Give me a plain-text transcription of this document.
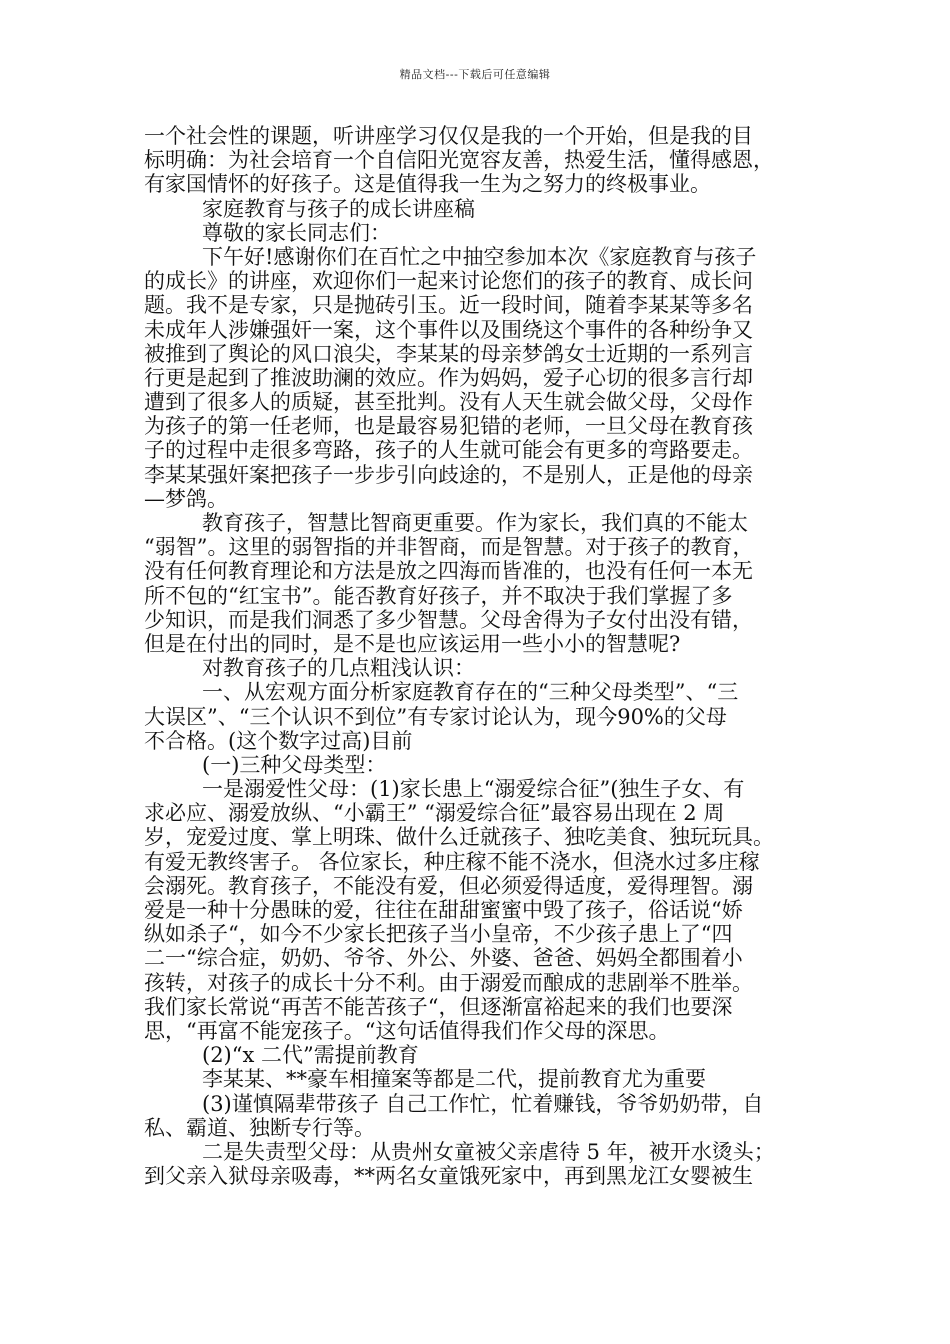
精品文档---下载后可任意编辑
一个社会性的课题，听讲座学习仅仅是我的一个开始，但是我的目
标明确：为社会培育一个自信阳光宽容友善，热爱生活，懂得感恩，
有家国情怀的好孩子。这是值得我一生为之努力的终极事业。
家庭教育与孩子的成长讲座稿
尊敬的家长同志们：
下午好!感谢你们在百忙之中抽空参加本次《家庭教育与孩子
的成长》的讲座，欢迎你们一起来讨论您们的孩子的教育、成长问
题。我不是专家，只是抛砖引玉。近一段时间，随着李某某等多名
未成年人涉嫌强奸一案，这个事件以及围绕这个事件的各种纷争又
被推到了舆论的风口浪尖，李某某的母亲梦鸽女士近期的一系列言
行更是起到了推波助澜的效应。作为妈妈，爱子心切的很多言行却
遭到了很多人的质疑，甚至批判。没有人天生就会做父母，父母作
为孩子的第一任老师，也是最容易犯错的老师，一旦父母在教育孩
子的过程中走很多弯路，孩子的人生就可能会有更多的弯路要走。
李某某强奸案把孩子一步步引向歧途的，不是别人，正是他的母亲
—梦鸽。
教育孩子，智慧比智商更重要。作为家长，我们真的不能太
“弱智”。这里的弱智指的并非智商，而是智慧。对于孩子的教育，
没有任何教育理论和方法是放之四海而皆准的，也没有任何一本无
所不包的“红宝书”。能否教育好孩子，并不取决于我们掌握了多
少知识，而是我们洞悉了多少智慧。父母舍得为子女付出没有错，
但是在付出的同时，是不是也应该运用一些小小的智慧呢?
对教育孩子的几点粗浅认识：
一、从宏观方面分析家庭教育存在的“三种父母类型”、“三
大误区”、“三个认识不到位”有专家讨论认为，现今90%的父母
不合格。(这个数字过高)目前
(一)三种父母类型：
一是溺爱性父母：(1)家长患上“溺爱综合征”(独生子女、有
求必应、溺爱放纵、“小霸王” “溺爱综合征”最容易出现在 2 周
岁，宠爱过度、掌上明珠、做什么迁就孩子、独吃美食、独玩玩具。
有爱无教终害子。 各位家长，种庄稼不能不浇水，但浇水过多庄稼
会溺死。教育孩子，不能没有爱，但必须爱得适度，爱得理智。溺
爱是一种十分愚昧的爱，往往在甜甜蜜蜜中毁了孩子，俗话说“娇
纵如杀子“，如今不少家长把孩子当小皇帝，不少孩子患上了“四
二一“综合症，奶奶、爷爷、外公、外婆、爸爸、妈妈全都围着小
孩转，对孩子的成长十分不利。由于溺爱而酿成的悲剧举不胜举。
我们家长常说“再苦不能苦孩子“，但逐渐富裕起来的我们也要深
思，“再富不能宠孩子。“这句话值得我们作父母的深思。
(2)“x 二代”需提前教育
李某某、**豪车相撞案等都是二代，提前教育尤为重要
(3)谨慎隔辈带孩子 自己工作忙，忙着赚钱，爷爷奶奶带，自
私、霸道、独断专行等。
二是失责型父母：从贵州女童被父亲虐待 5 年，被开水烫头；
到父亲入狱母亲吸毒，**两名女童饿死家中，再到黑龙江女婴被生
